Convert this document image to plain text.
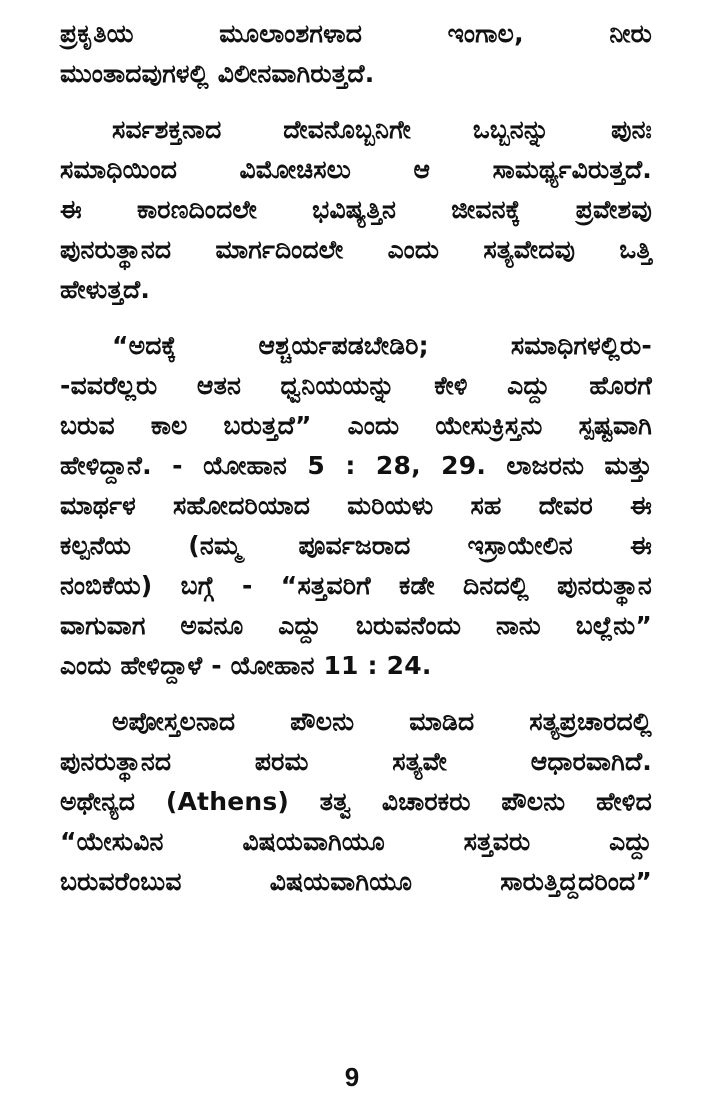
ಪ್ರಕೃತಿಯ ಮೂಲಾಂಶಗಳಾದ ಇಂಗಾಲ, ನೀರು
ಮುಂತಾದವುಗಳಲ್ಲಿ ವಿಲೀನವಾಗಿರುತ್ತದೆ.
ಸರ್ವಶಕ್ತನಾದ ದೇವನೊಬ್ಬನಿಗೇ ಒಬ್ಬನನ್ನು ಪುನಃ
ಸಮಾಧಿಯಿಂದ ವಿಮೋಚಿಸಲು ಆ ಸಾಮರ್ಥ್ಯವಿರುತ್ತದೆ.
ಈ ಕಾರಣದಿಂದಲೇ ಭವಿಷ್ಯತ್ತಿನ ಜೀವನಕ್ಕೆ ಪ್ರವೇಶವು
ಪುನರುತ್ಥಾನದ ಮಾರ್ಗದಿಂದಲೇ ಎಂದು ಸತ್ಯವೇದವು ಒತ್ತಿ
ಹೇಳುತ್ತದೆ.
“ಅದಕ್ಕೆ ಆಶ್ಚರ್ಯಪಡಬೇಡಿರಿ; ಸಮಾಧಿಗಳಲ್ಲಿರು-
-ವವರೆಲ್ಲರು ಆತನ ಧ್ವನಿಯಯನ್ನು ಕೇಳಿ ಎದ್ದು ಹೊರಗೆ
ಬರುವ ಕಾಲ ಬರುತ್ತದೆ” ಎಂದು ಯೇಸುಕ್ರಿಸ್ತನು ಸ್ಪಷ್ಟವಾಗಿ
ಹೇಳಿದ್ದಾನೆ. - ಯೋಹಾನ 5 : 28, 29. ಲಾಜರನು ಮತ್ತು
ಮಾರ್ಥಳ ಸಹೋದರಿಯಾದ ಮರಿಯಳು ಸಹ ದೇವರ ಈ
ಕಲ್ಪನೆಯ (ನಮ್ಮ ಪೂರ್ವಜರಾದ ಇಸ್ರಾಯೇಲಿನ ಈ
ನಂಬಿಕೆಯ) ಬಗ್ಗೆ - “ಸತ್ತವರಿಗೆ ಕಡೇ ದಿನದಲ್ಲಿ ಪುನರುತ್ಥಾನ
ವಾಗುವಾಗ ಅವನೂ ಎದ್ದು ಬರುವನೆಂದು ನಾನು ಬಲ್ಲೆನು”
ಎಂದು ಹೇಳಿದ್ದಾಳೆ - ಯೋಹಾನ 11 : 24.
ಅಪೋಸ್ತಲನಾದ ಪೌಲನು ಮಾಡಿದ ಸತ್ಯಪ್ರಚಾರದಲ್ಲಿ
ಪುನರುತ್ಥಾನದ ಪರಮ ಸತ್ಯವೇ ಆಧಾರವಾಗಿದೆ.
ಅಥೇನ್ಯದ (Athens) ತತ್ವ ವಿಚಾರಕರು ಪೌಲನು ಹೇಳಿದ
“ಯೇಸುವಿನ ವಿಷಯವಾಗಿಯೂ ಸತ್ತವರು ಎದ್ದು
ಬರುವರೆಂಬುವ ವಿಷಯವಾಗಿಯೂ ಸಾರುತ್ತಿದ್ದದರಿಂದ”
9
